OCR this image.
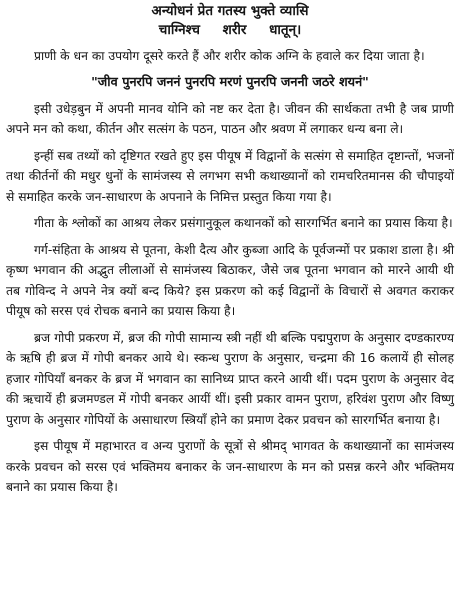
अन्योधनं प्रेत गतस्य भुक्ते व्यासि

चाग्निश्च शरीर धातून्।

प्राणी के धन का उपयोग दूसरे करते हैं और शरीर कोक अग्नि के हवाले कर दिया जाता है।

"जीव पुनरपि जननं पुनरपि मरणं पुनरपि जननी जठरे शयनं"

इसी उधेड़बुन में अपनी मानव योनि को नष्ट कर देता है। जीवन की सार्थकता तभी है जब प्राणी अपने मन को कथा, कीर्तन और सत्संग के पठन, पाठन और श्रवण में लगाकर धन्य बना ले।

इन्हीं सब तथ्यों को दृष्टिगत रखते हुए इस पीयूष में विद्वानों के सत्संग से समाहित दृष्टान्तों, भजनों तथा कीर्तनों की मधुर धुनों के सामंजस्य से लगभग सभी कथाख्यानों को रामचरितमानस की चौपाइयों से समाहित करके जन-साधारण के अपनाने के निमित्त प्रस्तुत किया गया है।

गीता के श्लोकों का आश्रय लेकर प्रसंगानुकूल कथानकों को सारगर्भित बनाने का प्रयास किया है।

गर्ग-संहिता के आश्रय से पूतना, केशी दैत्य और कुब्जा आदि के पूर्वजन्मों पर प्रकाश डाला है। श्री कृष्ण भगवान की अद्भुत लीलाओं से सामंजस्य बिठाकर, जैसे जब पूतना भगवान को मारने आयी थी तब गोविन्द ने अपने नेत्र क्यों बन्द किये? इस प्रकरण को कई विद्वानों के विचारों से अवगत कराकर पीयूष को सरस एवं रोचक बनाने का प्रयास किया है।

ब्रज गोपी प्रकरण में, ब्रज की गोपी सामान्य स्त्री नहीं थी बल्कि पद्मपुराण के अनुसार दण्डकारण्य के ऋषि ही ब्रज में गोपी बनकर आये थे। स्कन्ध पुराण के अनुसार, चन्द्रमा की 16 कलायें ही सोलह हजार गोपियाँ बनकर के ब्रज में भगवान का सानिध्य प्राप्त करने आयी थीं। पदम पुराण के अनुसार वेद की ऋचायें ही ब्रजमण्डल में गोपी बनकर आयीं थीं। इसी प्रकार वामन पुराण, हरिवंश पुराण और विष्णु पुराण के अनुसार गोपियों के असाधारण स्त्रियाँ होने का प्रमाण देकर प्रवचन को सारगर्भित बनाया है।

इस पीयूष में महाभारत व अन्य पुराणों के सूत्रों से श्रीमद् भागवत के कथाख्यानों का सामंजस्य करके प्रवचन को सरस एवं भक्तिमय बनाकर के जन-साधारण के मन को प्रसन्न करने और भक्तिमय बनाने का प्रयास किया है।
